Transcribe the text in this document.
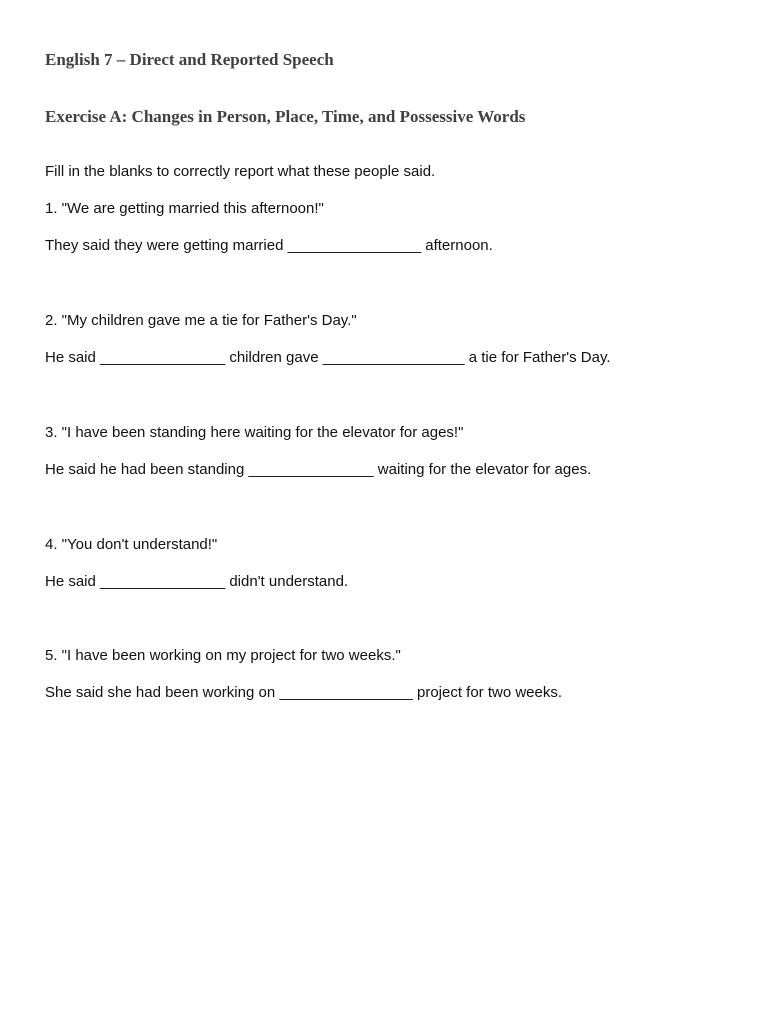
English 7 – Direct and Reported Speech
Exercise A: Changes in Person, Place, Time, and Possessive Words

Fill in the blanks to correctly report what these people said.

1. "We are getting married this afternoon!"

They said they were getting married ________________ afternoon.

2. "My children gave me a tie for Father's Day."

He said _______________ children gave _________________ a tie for Father's Day.

3. "I have been standing here waiting for the elevator for ages!"

He said he had been standing _______________ waiting for the elevator for ages.

4. "You don't understand!"

He said _______________ didn't understand.

5. "I have been working on my project for two weeks."

She said she had been working on ________________ project for two weeks.
